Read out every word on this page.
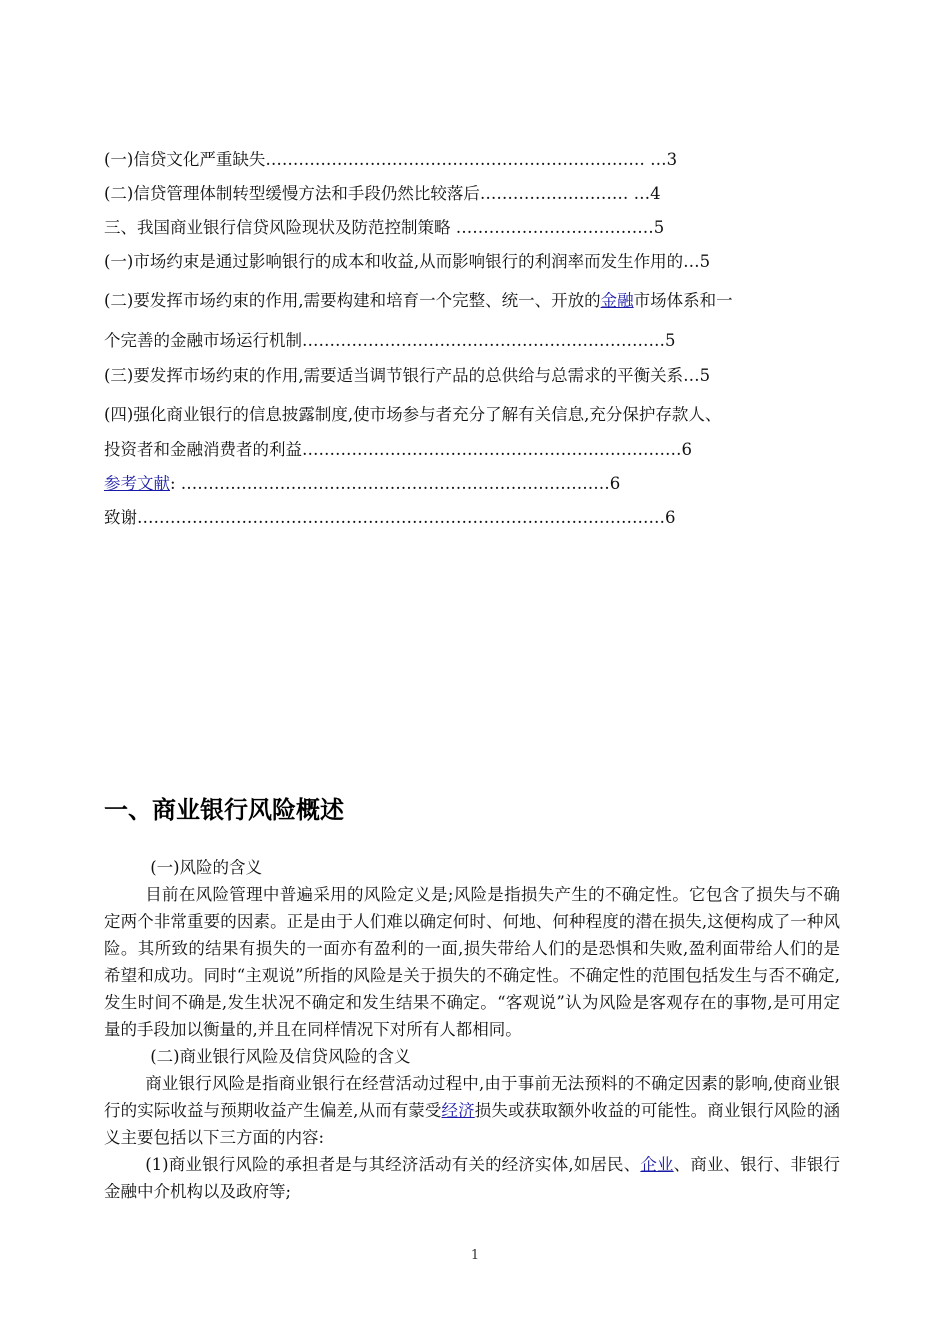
(一)信贷文化严重缺失…………………………………………………………… …3
(二)信贷管理体制转型缓慢方法和手段仍然比较落后……………………… …4
三、我国商业银行信贷风险现状及防范控制策略 ………………………………5
(一)市场约束是通过影响银行的成本和收益,从而影响银行的利润率而发生作用的…5
(二)要发挥市场约束的作用,需要构建和培育一个完整、统一、开放的金融市场体系和一
个完善的金融市场运行机制…………………………………………………………5
(三)要发挥市场约束的作用,需要适当调节银行产品的总供给与总需求的平衡关系…5
(四)强化商业银行的信息披露制度,使市场参与者充分了解有关信息,充分保护存款人、
投资者和金融消费者的利益……………………………………………………………6
参考文献: ……………………………………………………………………6
致谢……………………………………………………………………………………6
一、商业银行风险概述

(一)风险的含义

目前在风险管理中普遍采用的风险定义是;风险是指损失产生的不确定性。它包含了损失与不确定两个非常重要的因素。正是由于人们难以确定何时、何地、何种程度的潜在损失,这便构成了一种风险。其所致的结果有损失的一面亦有盈利的一面,损失带给人们的是恐惧和失败,盈利面带给人们的是希望和成功。同时“主观说”所指的风险是关于损失的不确定性。不确定性的范围包括发生与否不确定,发生时间不确是,发生状况不确定和发生结果不确定。“客观说”认为风险是客观存在的事物,是可用定量的手段加以衡量的,并且在同样情况下对所有人都相同。

(二)商业银行风险及信贷风险的含义

商业银行风险是指商业银行在经营活动过程中,由于事前无法预料的不确定因素的影响,使商业银行的实际收益与预期收益产生偏差,从而有蒙受经济损失或获取额外收益的可能性。商业银行风险的涵义主要包括以下三方面的内容:

(1)商业银行风险的承担者是与其经济活动有关的经济实体,如居民、企业、商业、银行、非银行金融中介机构以及政府等;

1
